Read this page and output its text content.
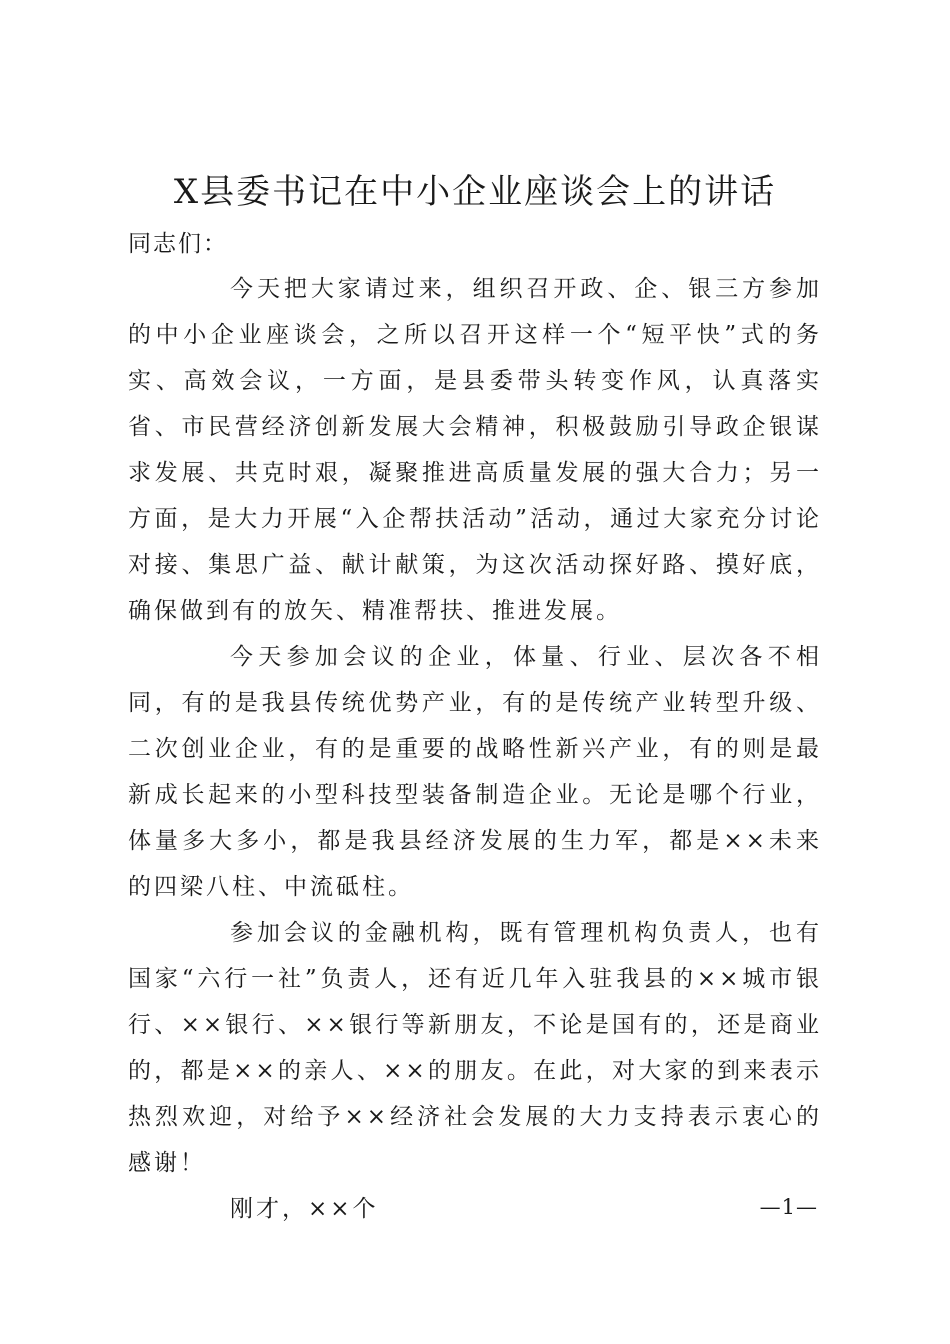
X县委书记在中小企业座谈会上的讲话
同志们：

今天把大家请过来，组织召开政、企、银三方参加的中小企业座谈会，之所以召开这样一个“短平快”式的务实、高效会议，一方面，是县委带头转变作风，认真落实省、市民营经济创新发展大会精神，积极鼓励引导政企银谋求发展、共克时艰，凝聚推进高质量发展的强大合力；另一方面，是大力开展“入企帮扶活动”活动，通过大家充分讨论对接、集思广益、献计献策，为这次活动探好路、摸好底，确保做到有的放矢、精准帮扶、推进发展。

今天参加会议的企业，体量、行业、层次各不相同，有的是我县传统优势产业，有的是传统产业转型升级、二次创业企业，有的是重要的战略性新兴产业，有的则是最新成长起来的小型科技型装备制造企业。无论是哪个行业，体量多大多小，都是我县经济发展的生力军，都是××未来的四梁八柱、中流砥柱。

参加会议的金融机构，既有管理机构负责人，也有国家“六行一社”负责人，还有近几年入驻我县的××城市银行、××银行、××银行等新朋友，不论是国有的，还是商业的，都是××的亲人、××的朋友。在此，对大家的到来表示热烈欢迎，对给予××经济社会发展的大力支持表示衷心的感谢！

刚才，××个	—1—
